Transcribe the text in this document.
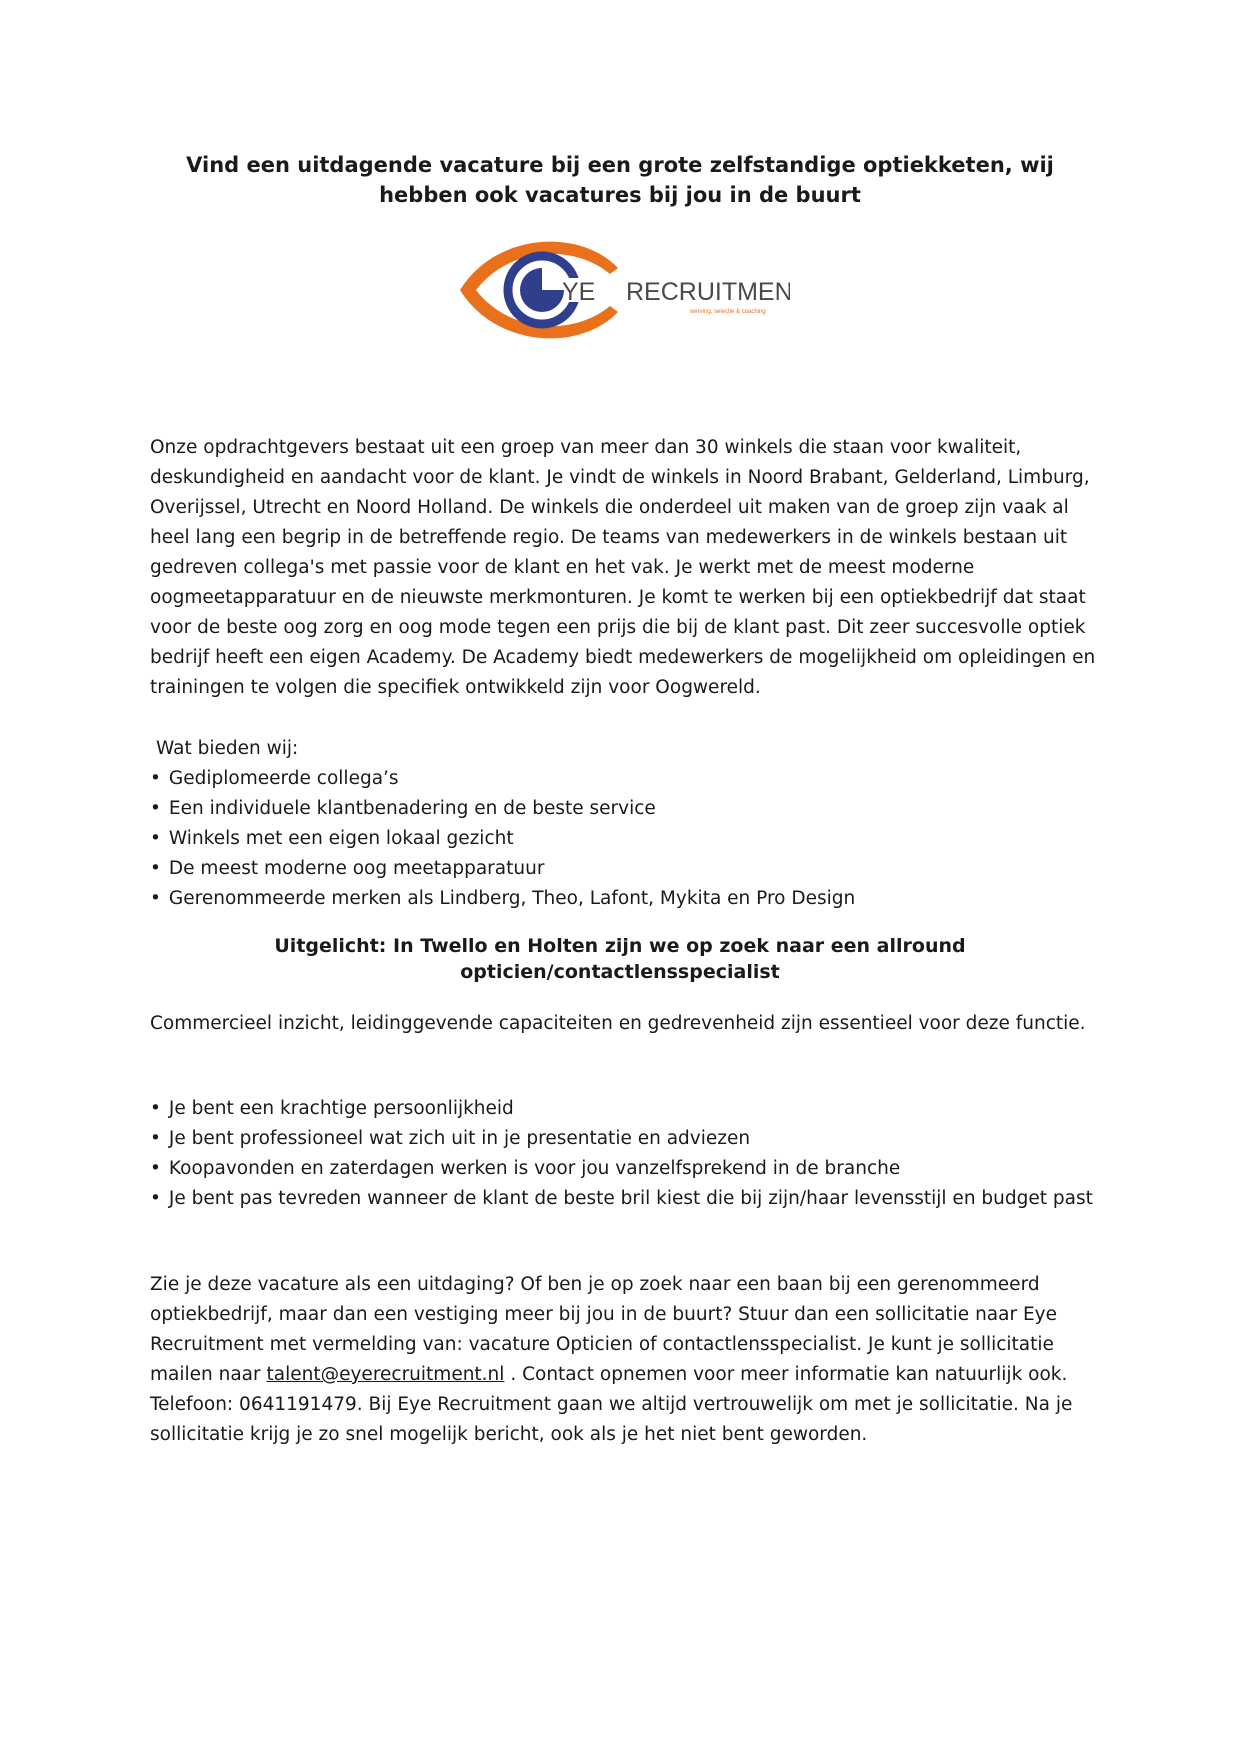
Vind een uitdagende vacature bij een grote zelfstandige optiekketen, wij
hebben ook vacatures bij jou in de buurt
YE RECRUITMENT
werving, selectie & coaching

Onze opdrachtgevers bestaat uit een groep van meer dan 30 winkels die staan voor kwaliteit, deskundigheid en aandacht voor de klant. Je vindt de winkels in Noord Brabant, Gelderland, Limburg, Overijssel, Utrecht en Noord Holland. De winkels die onderdeel uit maken van de groep zijn vaak al heel lang een begrip in de betreffende regio. De teams van medewerkers in de winkels bestaan uit gedreven collega's met passie voor de klant en het vak. Je werkt met de meest moderne oogmeetapparatuur en de nieuwste merkmonturen. Je komt te werken bij een optiekbedrijf dat staat voor de beste oog zorg en oog mode tegen een prijs die bij de klant past. Dit zeer succesvolle optiek bedrijf heeft een eigen Academy. De Academy biedt medewerkers de mogelijkheid om opleidingen en trainingen te volgen die specifiek ontwikkeld zijn voor Oogwereld.

Wat bieden wij:

• Gediplomeerde collega’s
• Een individuele klantbenadering en de beste service
• Winkels met een eigen lokaal gezicht
• De meest moderne oog meetapparatuur
• Gerenommeerde merken als Lindberg, Theo, Lafont, Mykita en Pro Design
Uitgelicht: In Twello en Holten zijn we op zoek naar een allround
opticien/contactlensspecialist

Commercieel inzicht, leidinggevende capaciteiten en gedrevenheid zijn essentieel voor deze functie.

• Je bent een krachtige persoonlijkheid
• Je bent professioneel wat zich uit in je presentatie en adviezen
• Koopavonden en zaterdagen werken is voor jou vanzelfsprekend in de branche
• Je bent pas tevreden wanneer de klant de beste bril kiest die bij zijn/haar levensstijl en budget past

Zie je deze vacature als een uitdaging? Of ben je op zoek naar een baan bij een gerenommeerd optiekbedrijf, maar dan een vestiging meer bij jou in de buurt? Stuur dan een sollicitatie naar Eye Recruitment met vermelding van: vacature Opticien of contactlensspecialist. Je kunt je sollicitatie mailen naar talent@eyerecruitment.nl . Contact opnemen voor meer informatie kan natuurlijk ook. Telefoon: 0641191479. Bij Eye Recruitment gaan we altijd vertrouwelijk om met je sollicitatie. Na je sollicitatie krijg je zo snel mogelijk bericht, ook als je het niet bent geworden.
